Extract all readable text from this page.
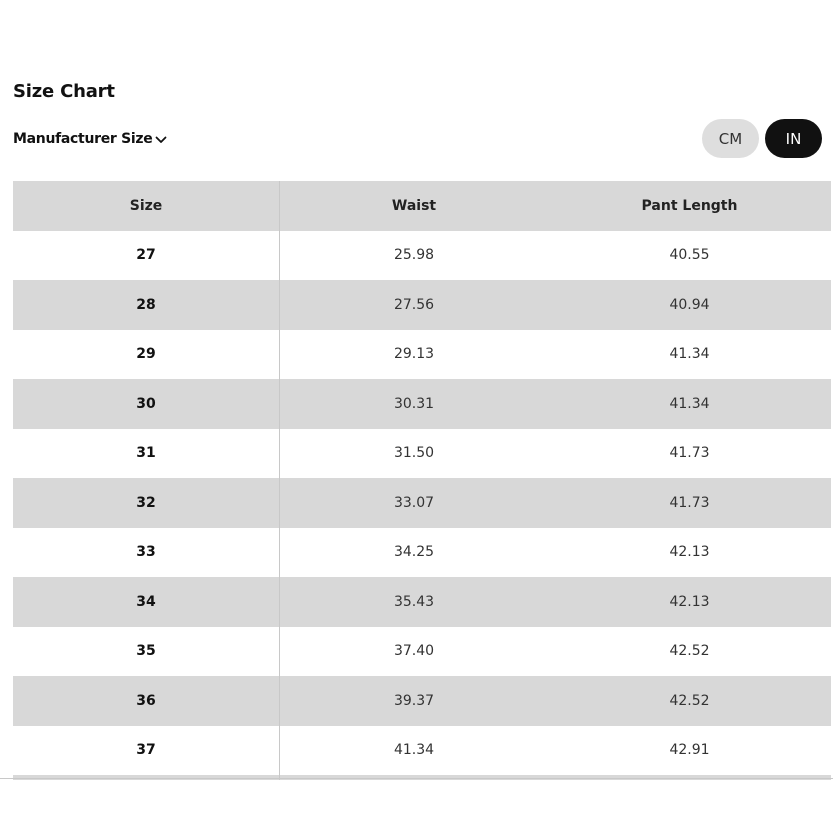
Size Chart
Manufacturer Size	CM	IN
Size	Waist	Pant Length
27	25.98	40.55
28	27.56	40.94
29	29.13	41.34
30	30.31	41.34
31	31.50	41.73
32	33.07	41.73
33	34.25	42.13
34	35.43	42.13
35	37.40	42.52
36	39.37	42.52
37	41.34	42.91
